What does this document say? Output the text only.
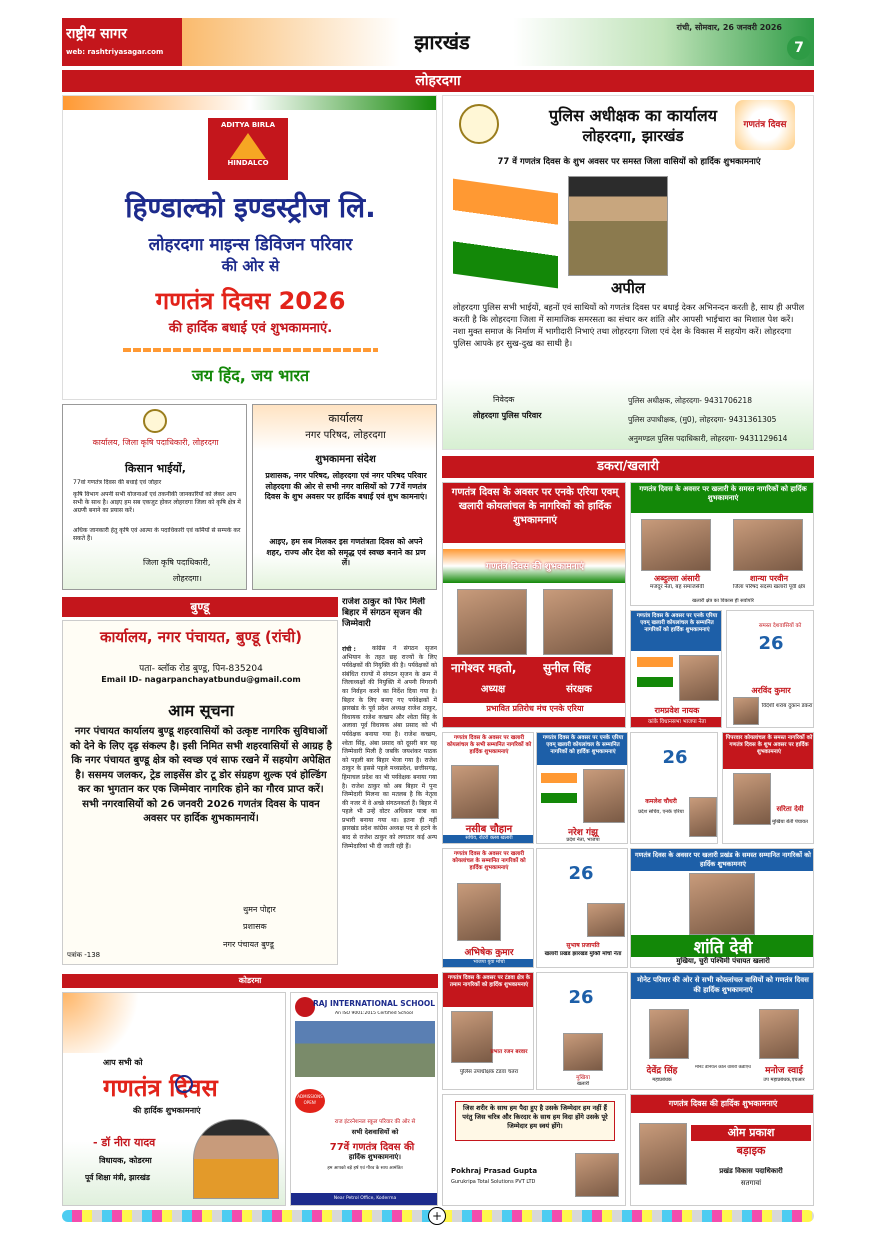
राष्ट्रीय सागर
web: rashtriyasagar.com	झारखंड
रांची, सोमवार, 26 जनवरी 2026
7
लोहरदगा
ADITYA BIRLA
HINDALCO
हिण्डाल्को इण्डस्ट्रीज लि.
लोहरदगा माइन्स डिविजन परिवार
की ओर से
गणतंत्र दिवस 2026
की हार्दिक बधाई एवं शुभकामनाएं.
जय हिंद, जय भारत
पुलिस अधीक्षक का कार्यालय
लोहरदगा, झारखंड
गणतंत्र दिवस
77 वें गणतंत्र दिवस के शुभ अवसर पर समस्त जिला वासियों को हार्दिक शुभकामनाएं
अपील
लोहरदगा पुलिस सभी भाईयों, बहनों एवं साथियों को गणतंत्र दिवस पर बधाई देकर अभिनन्दन करती है, साथ ही अपील करती है कि लोहरदगा जिला में सामाजिक समरसता का संचार कर शांति और आपसी भाईचारा का मिशाल पेश करें। नशा मुक्त समाज के निर्माण में भागीदारी निभाएं तथा लोहरदगा जिला एवं देश के विकास में सहयोग करें। लोहरदगा पुलिस आपके हर सुख-दुख का साथी है।
निवेदक
लोहरदगा पुलिस परिवार
पुलिस अधीक्षक, लोहरदगा- 9431706218
पुलिस उपाधीक्षक, (मु0), लोहरदगा- 9431361305
अनुमण्डल पुलिस पदाधिकारी, लोहरदगा- 9431129614
कार्यालय, जिला कृषि पदाधिकारी, लोहरदगा
किसान भाईयों,
77वां गणतंत्र दिवस की बधाई एवं जोहार
कृषि विभाग अपनी सभी योजनाओं एवं तकनीकी जानकारियों को लेकर आप सभी के साथ है। आइए हम सब एकजुट होकर लोहरदगा जिला को कृषि क्षेत्र में अग्रणी बनाने का प्रयास करें।
अधिक जानकारी हेतु कृषि एवं आत्मा के पदाधिकारी एवं कर्मियों से सम्पर्क कर सकते हैं।
जिला कृषि पदाधिकारी,
लोहरदगा।
कार्यालय
नगर परिषद, लोहरदगा
शुभकामना संदेश
प्रशासक, नगर परिषद, लोहरदगा एवं नगर परिषद परिवार लोहरदगा की ओर से सभी नगर वासियों को 77वें गणतंत्र दिवस के शुभ अवसर पर हार्दिक बधाई एवं शुभ कामनाएं।
आइए, हम सब मिलकर इस गणतंत्रता दिवस को अपने शहर, राज्य और देश को समृद्ध एवं स्वच्छ बनाने का प्रण लें।
बुण्डू
कार्यालय, नगर पंचायत, बुण्डू (रांची)
पता- ब्लॉक रोड बुण्डू, पिन-835204
Email ID- nagarpanchayatbundu@gmail.com
आम सूचना
नगर पंचायत कार्यालय बुण्डू शहरवासियों को उत्कृष्ट नागरिक सुविधाओं को देने के लिए दृढ़ संकल्प है। इसी निमित सभी शहरवासियों से आग्रह है कि नगर पंचायत बुण्डू क्षेत्र को स्वच्छ एवं साफ रखने में सहयोग अपेक्षित है। ससमय जलकर, ट्रेड लाइसेंस डोर टू डोर संग्रहण शुल्क एवं होल्डिंग कर का भुगतान कर एक जिम्मेवार नागरिक होने का गौरव प्राप्त करें। सभी नगरवासियों को 26 जनवरी 2026 गणतंत्र दिवस के पावन अवसर पर हार्दिक शुभकामनायें।
थुमन पोद्दार
प्रशासक
नगर पंचायत बुण्डू
पत्रांक -138
राजेश ठाकुर को फिर मिली बिहार में संगठन सृजन की जिम्मेवारी
रांची :	कांग्रेस ने संगठन सृजन अभियान के तहत छह राज्यों के लिए पर्यवेक्षकों की नियुक्ति की है। पर्यवेक्षकों को संबंधित राज्यों में संगठन सृजन के क्रम में जिलाध्यक्षों की नियुक्ति में अपनी निगरानी का निर्वहन करने का निर्देश दिया गया है। बिहार के लिए बनाए गए पर्यवेक्षकों में झारखंड के पूर्व प्रदेश अध्यक्ष राजेश ठाकुर, विधायक राजेश कच्छप और श्वेता सिंह के अलावा पूर्व विधायक अंबा प्रसाद को भी पर्यवेक्षक बनाया गया है। राजेश कच्छप, श्वेता सिंह, अंबा प्रसाद को दूसरी बार यह जिम्मेवारी मिली है जबकि जयशंकर पाठक को पहली बार बिहार भेजा गया है। राजेश ठाकुर के इससे पहले मध्यप्रदेश, छत्तीसगढ़, हिमाचल प्रदेश का भी पर्यवेक्षक बनाया गया है। राजेश ठाकुर को अब बिहार में पुनः जिम्मेदारी मिलना का मतलब है कि नेतृत्व की नजर में वे अच्छे संगठनकर्ता हैं। बिहार में पहले भी उन्हें वोटर अधिकार यात्रा का प्रभारी बनाया गया था। इतना ही नहीं झारखंड प्रदेश कांग्रेस अध्यक्ष पद से हटने के बाद से राजेश ठाकुर को लगातार कई अन्य जिम्मेदारियां भी दी जाती रही हैं।
डकरा/खलारी
गणतंत्र दिवस के अवसर पर एनके एरिया एवम् खलारी कोयलांचल के नागरिकों को हार्दिक शुभकामनाएं
गणतंत्र दिवस की शुभकामनाएं
नागेश्वर महतो,	सुनील सिंह
अध्यक्ष	संरक्षक
प्रभावित प्रतिरोध मंच एनके एरिया
गणतंत्र दिवस के अवसर पर खलारी के समस्त नागरिकों को हार्दिक शुभकामनाएं
अब्दुल्ला अंसारी
मजदूर नेता, बह समाजसेवी
शान्या परवीन
जिला परिषद सदस्य खलारी पूर्वी क्षेत्र
खलारी क्षेत्र का विकास ही सर्वोपरि
गणतंत्र दिवस के अवसर पर एनके एरिया एवम् खलारी कोयलांचल के सम्मानित नागरिकों को हार्दिक शुभकामनाएं
रामप्रवेश नायक
कांके विधानसभा भाजपा नेता
समस्त देशवासियों को
26
अरविंद कुमार
विदेशी शराब दुकान डकरा
गणतंत्र दिवस के अवसर पर खलारी कोयलांचल के सभी सम्मानित नागरिकों को हार्दिक शुभकामनाएं
नसीब चौहान
सचिव, रोटरी क्लब खलारी
गणतंत्र दिवस के अवसर पर एनके एरिया एवम् खलारी कोयलांचल के सम्मानित नागरिकों को हार्दिक शुभकामनाएं
नरेश गंझू
प्रदेश नेता, भाजपा
26
कमलेश चौधरी
प्रदेश सचिव, एनके एरिया
पिपरवार कोयलांचल के समस्त नागरिकों को गणतंत्र दिवस के शुभ अवसर पर हार्दिक शुभकामनाएं
सरिता देवी
मुखिया बेंती पंचायत
गणतंत्र दिवस के अवसर पर खलारी कोयलांचल के सम्मानित नागरिकों को हार्दिक शुभकामनाएं
अभिषेक कुमार
भाजपा युवा मोर्चा
26
सुभाष प्रजापति
खलारी प्रखंड झारखंड मुक्ति मोर्चा नेता
गणतंत्र दिवस के अवसर पर खलारी प्रखंड के समस्त सम्मानित नागरिकों को हार्दिक शुभकामनाएं
शांति देवी
मुखिया, चुरी पश्चिमी पंचायत खलारी
गणतंत्र दिवस के अवसर पर टंडवा क्षेत्र के तमाम नागरिकों को हार्दिक शुभकामनाएं
प्रभात रंजन बरवार
पुलिस उपाधीक्षक टंडवा चतरा
26
मुखिया
खलारी
मोनेट परिवार की ओर से सभी कोयलांचल वासियों को गणतंत्र दिवस की हार्दिक शुभकामनाएं
मोनेट डेनियल कोल वाशरी केडीएच
देवेंद्र सिंह
महाप्रबंधक
मनोज स्वाई
उप महाप्रबंधक,एचआर
जिस शरीर के साथ हम पैदा हुए है उसके जिम्मेदार हम नहीं हैं परंतु जिस चरित्र और किरदार के साथ हम विदा होंगे उसके पूरे जिम्मेदार हम स्वयं होंगे।
Pokhraj Prasad Gupta
Gurukripa Total Solutions PVT LTD
गणतंत्र दिवस की हार्दिक शुभकामनाएं
ओम प्रकाश
बड़ाइक
प्रखंड विकास पदाधिकारी
सतगावां
कोडरमा
आप सभी को
गणतंत्र दिवस
की हार्दिक शुभकामनाएं
- डॉ नीरा यादव
विधायक, कोडरमा
पूर्व शिक्षा मंत्री, झारखंड
RAJ INTERNATIONAL SCHOOL
An ISO 9001:2015 Certified School
ADMISSIONS OPEN!
राज इंटरनेशनल स्कूल परिवार की ओर से
सभी देशवासियों को
77वें गणतंत्र दिवस की
हार्दिक शुभकामनाएं।
हम आपको बड़े हर्ष एवं गौरव के साथ आमंत्रित
Near Petrol Office, Koderma
+
